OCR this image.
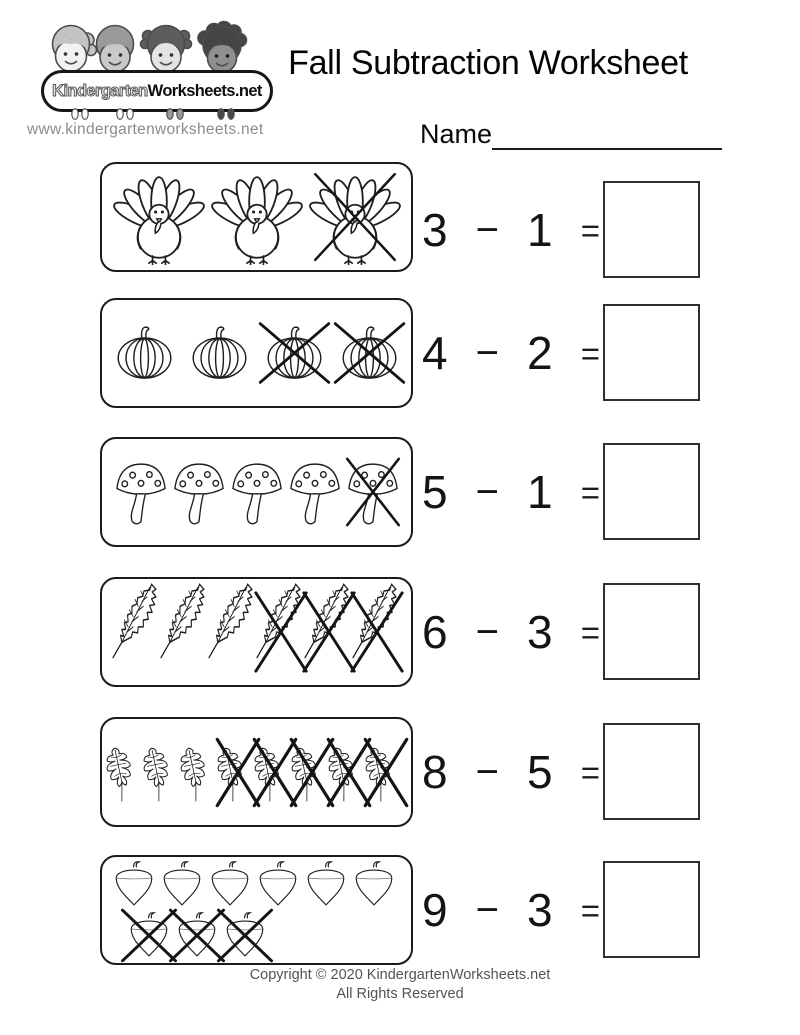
Kindergarten Worksheets.net
www.kindergartenworksheets.net
Fall Subtraction Worksheet
Name
3 − 1 =
4 − 2 =
5 − 1 =
6 − 3 =
8 − 5 =
9 − 3 =
Copyright © 2020 KindergartenWorksheets.net
All Rights Reserved
